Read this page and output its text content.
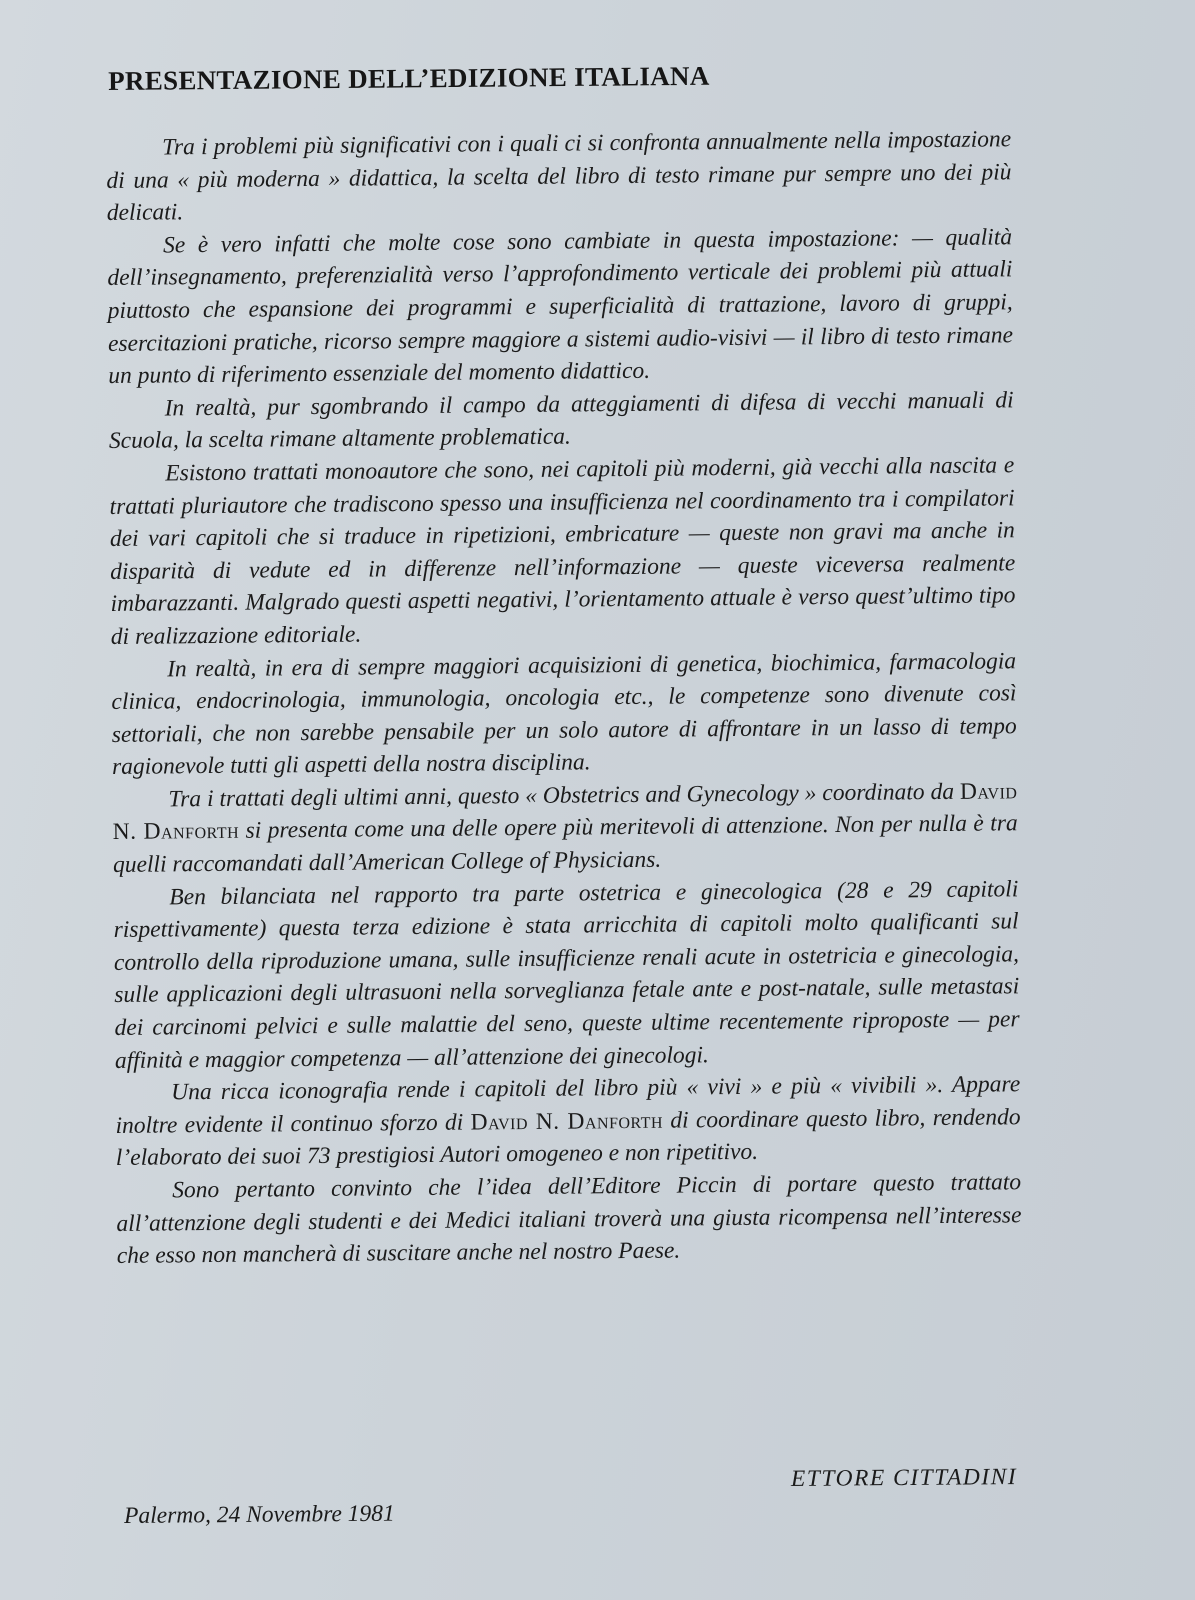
PRESENTAZIONE DELL’EDIZIONE ITALIANA

Tra i problemi più significativi con i quali ci si confronta annualmente nella impostazione di una « più moderna » didattica, la scelta del libro di testo rimane pur sempre uno dei più delicati.

Se è vero infatti che molte cose sono cambiate in questa impostazione: — qualità dell’insegnamento, preferenzialità verso l’approfondimento verticale dei problemi più attuali piuttosto che espansione dei programmi e superficialità di trattazione, lavoro di gruppi, esercitazioni pratiche, ricorso sempre maggiore a sistemi audio-visivi — il libro di testo rimane un punto di riferimento essenziale del momento didattico.

In realtà, pur sgombrando il campo da atteggiamenti di difesa di vecchi manuali di Scuola, la scelta rimane altamente problematica.

Esistono trattati monoautore che sono, nei capitoli più moderni, già vecchi alla nascita e trattati pluriautore che tradiscono spesso una insufficienza nel coordinamento tra i compilatori dei vari capitoli che si traduce in ripetizioni, embricature — queste non gravi ma anche in disparità di vedute ed in differenze nell’informazione — queste viceversa realmente imbarazzanti. Malgrado questi aspetti negativi, l’orientamento attuale è verso quest’ultimo tipo di realizzazione editoriale.

In realtà, in era di sempre maggiori acquisizioni di genetica, biochimica, farmacologia clinica, endocrinologia, immunologia, oncologia etc., le competenze sono divenute così settoriali, che non sarebbe pensabile per un solo autore di affrontare in un lasso di tempo ragionevole tutti gli aspetti della nostra disciplina.

Tra i trattati degli ultimi anni, questo « Obstetrics and Gynecology » coordinato da David N. Danforth si presenta come una delle opere più meritevoli di attenzione. Non per nulla è tra quelli raccomandati dall’American College of Physicians.

Ben bilanciata nel rapporto tra parte ostetrica e ginecologica (28 e 29 capitoli rispettivamente) questa terza edizione è stata arricchita di capitoli molto qualificanti sul controllo della riproduzione umana, sulle insufficienze renali acute in ostetricia e ginecologia, sulle applicazioni degli ultrasuoni nella sorveglianza fetale ante e post-natale, sulle metastasi dei carcinomi pelvici e sulle malattie del seno, queste ultime recentemente riproposte — per affinità e maggior competenza — all’attenzione dei ginecologi.

Una ricca iconografia rende i capitoli del libro più « vivi » e più « vivibili ». Appare inoltre evidente il continuo sforzo di David N. Danforth di coordinare questo libro, rendendo l’elaborato dei suoi 73 prestigiosi Autori omogeneo e non ripetitivo.

Sono pertanto convinto che l’idea dell’Editore Piccin di portare questo trattato all’attenzione degli studenti e dei Medici italiani troverà una giusta ricompensa nell’interesse che esso non mancherà di suscitare anche nel nostro Paese.

ETTORE CITTADINI
Palermo, 24 Novembre 1981
